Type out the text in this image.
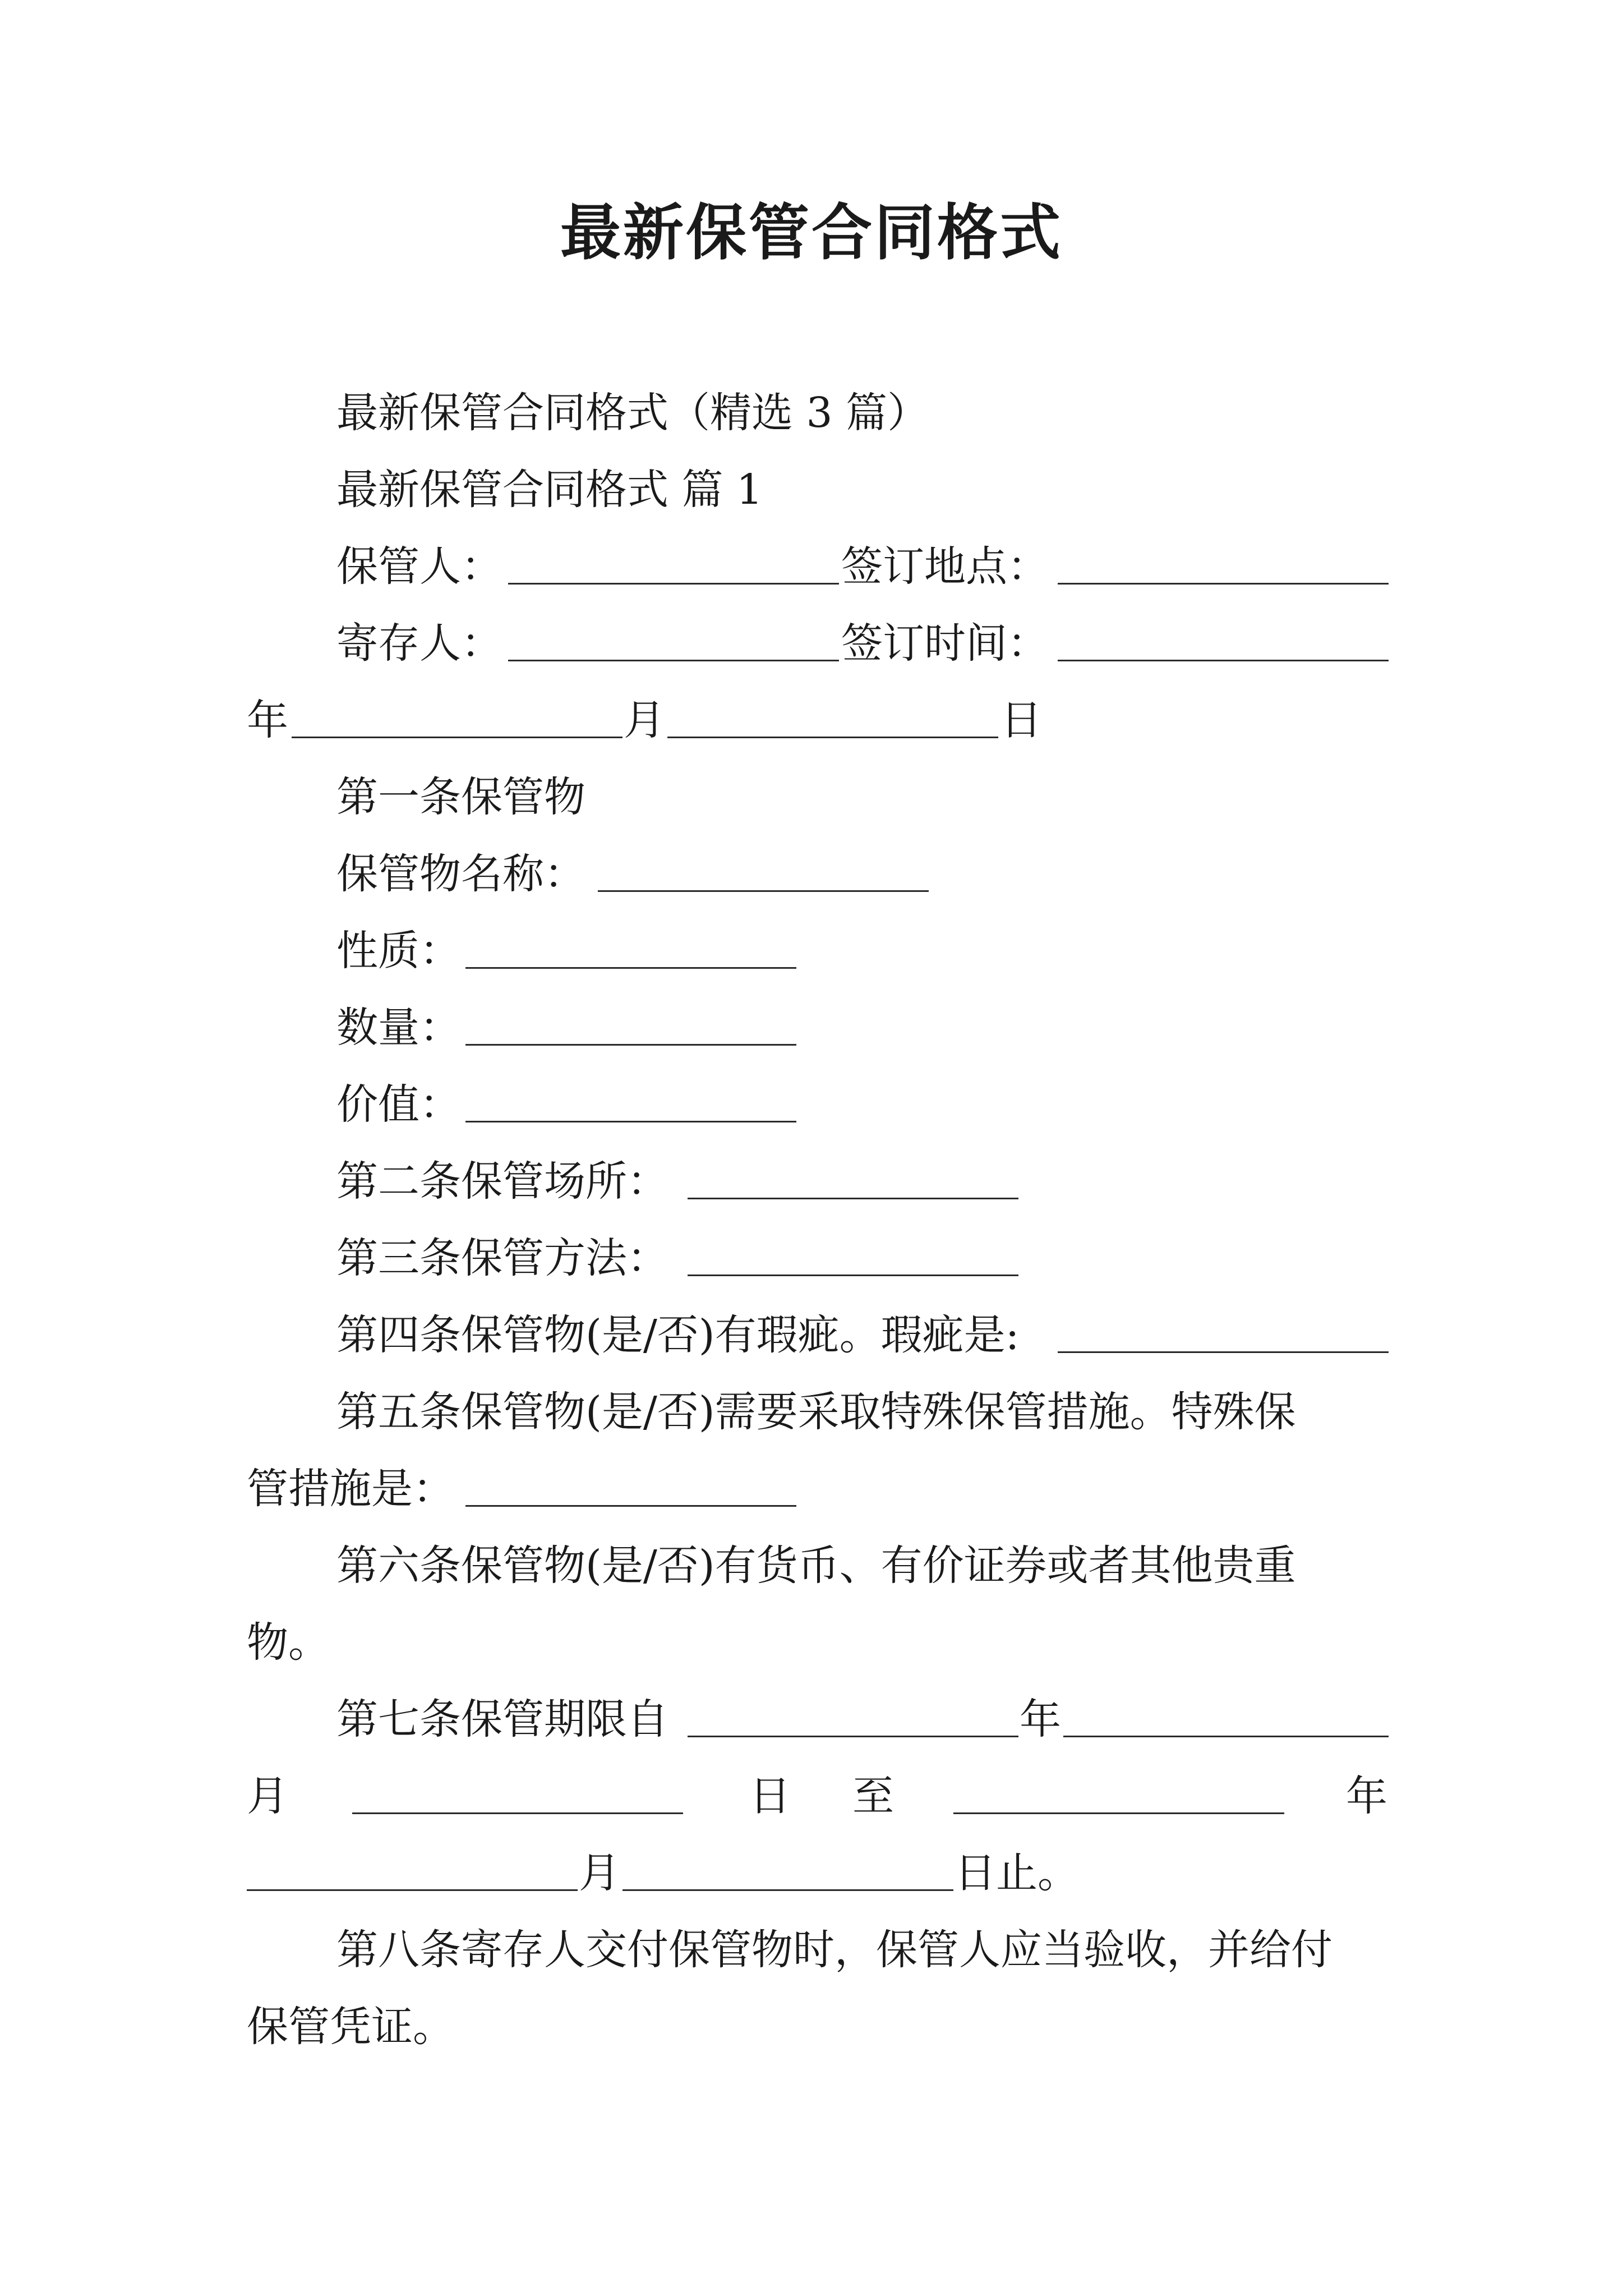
最新保管合同格式
最新保管合同格式（精选 3 篇）
最新保管合同格式 篇 1
保管人：	签订地点：
寄存人：	签订时间：
年	月	日
第一条保管物
保管物名称：
性质：
数量：
价值：
第二条保管场所：
第三条保管方法：
第四条保管物(是/否)有瑕疵。瑕疵是:
第五条保管物(是/否)需要采取特殊保管措施。特殊保
管措施是：
第六条保管物(是/否)有货币、有价证券或者其他贵重
物。
第七条保管期限自	年
月	日 至	年
月	日止。
第八条寄存人交付保管物时，保管人应当验收，并给付
保管凭证。
